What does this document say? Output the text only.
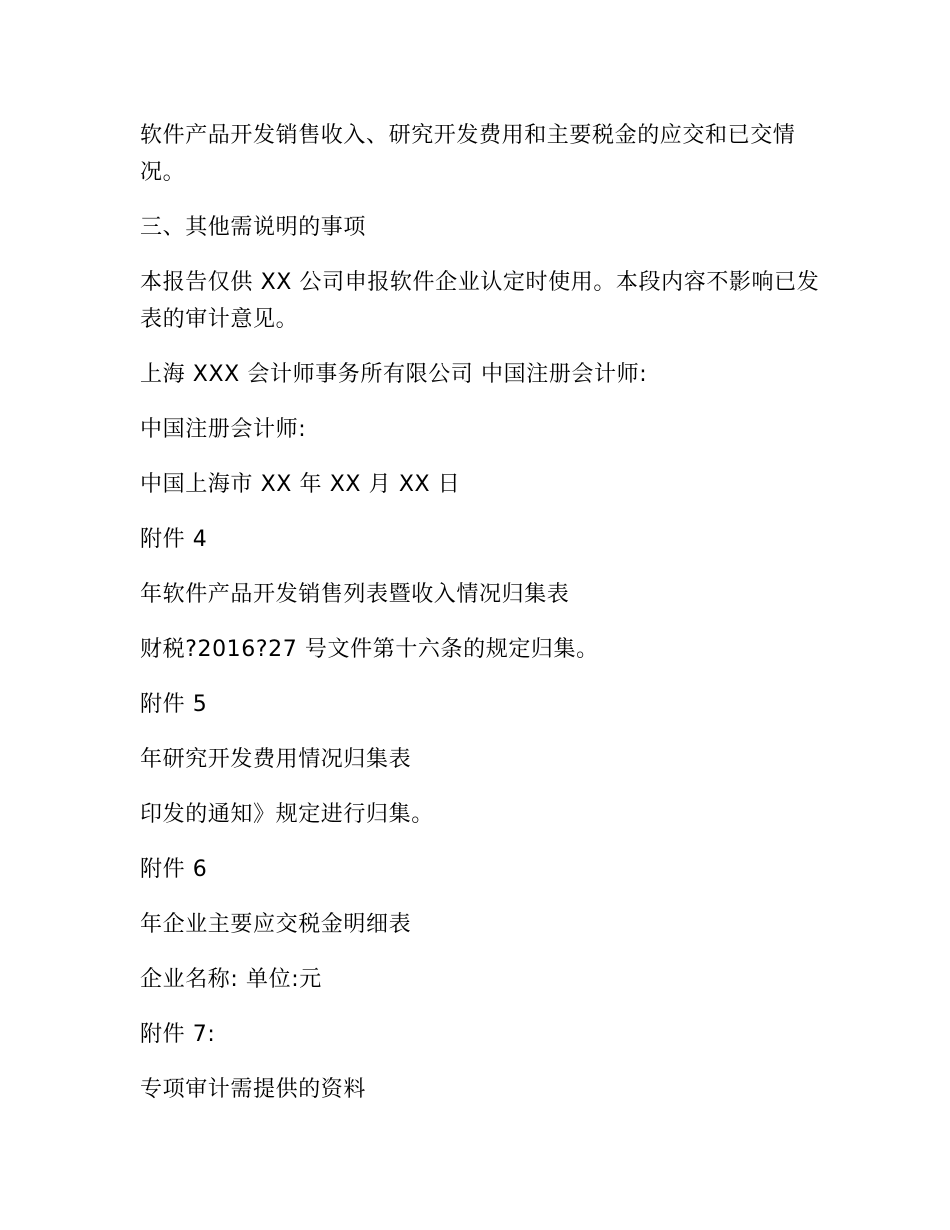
软件产品开发销售收入、研究开发费用和主要税金的应交和已交情况。

三、其他需说明的事项

本报告仅供 XX 公司申报软件企业认定时使用。本段内容不影响已发表的审计意见。

上海 XXX 会计师事务所有限公司 中国注册会计师:

中国注册会计师:

中国上海市 XX 年 XX 月 XX 日

附件 4

年软件产品开发销售列表暨收入情况归集表

财税?2016?27 号文件第十六条的规定归集。

附件 5

年研究开发费用情况归集表

印发的通知》规定进行归集。

附件 6

年企业主要应交税金明细表

企业名称: 单位:元

附件 7:

专项审计需提供的资料
